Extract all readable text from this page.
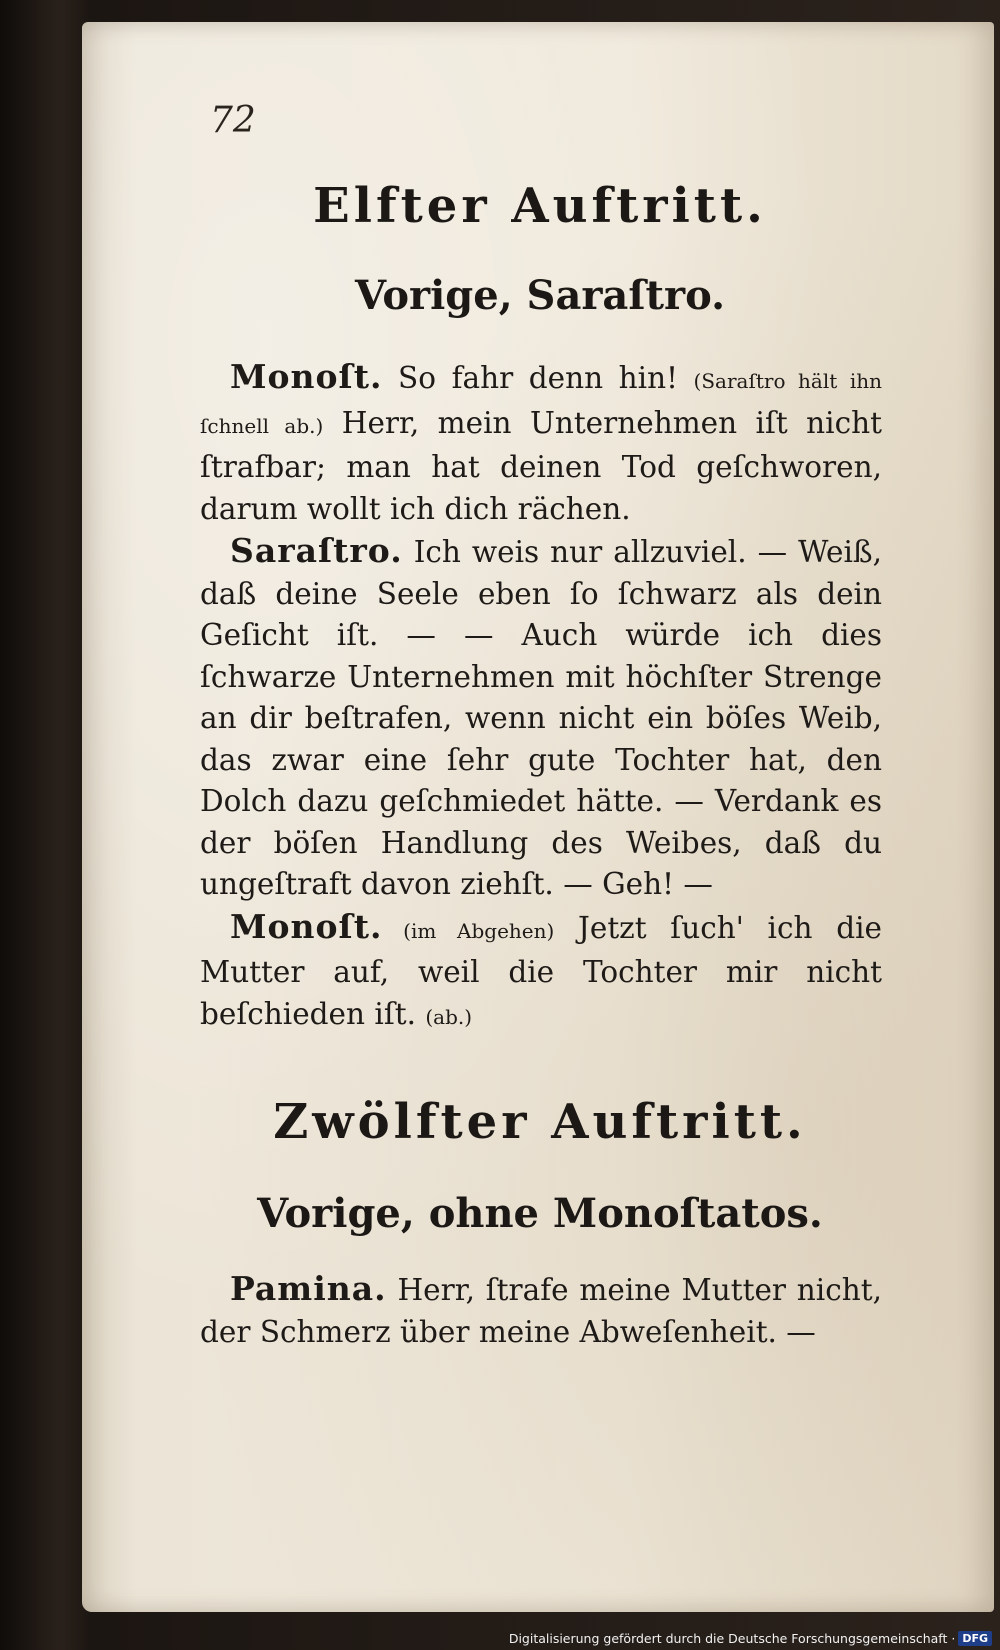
72
Elfter Auftritt.
Vorige, Saraſtro.

Monoſt. So fahr denn hin! (Saraſtro hält ihn ſchnell ab.) Herr, mein Unternehmen iſt nicht ſtrafbar; man hat deinen Tod geſchworen, darum wollt ich dich rächen.

Saraſtro. Ich weis nur allzuviel. — Weiß, daß deine Seele eben ſo ſchwarz als dein Geſicht iſt. — — Auch würde ich dies ſchwarze Unternehmen mit höchſter Strenge an dir beſtrafen, wenn nicht ein böſes Weib, das zwar eine ſehr gute Tochter hat, den Dolch dazu geſchmiedet hätte. — Verdank es der böſen Handlung des Weibes, daß du ungeſtraft davon ziehſt. — Geh! —

Monoſt. (im Abgehen) Jetzt ſuch' ich die Mutter auf, weil die Tochter mir nicht beſchieden iſt. (ab.)

Zwölfter Auftritt.
Vorige, ohne Monoſtatos.

Pamina. Herr, ſtrafe meine Mutter nicht, der Schmerz über meine Abweſenheit. —

Digitalisierung gefördert durch die Deutsche Forschungsgemeinschaft · DFG
